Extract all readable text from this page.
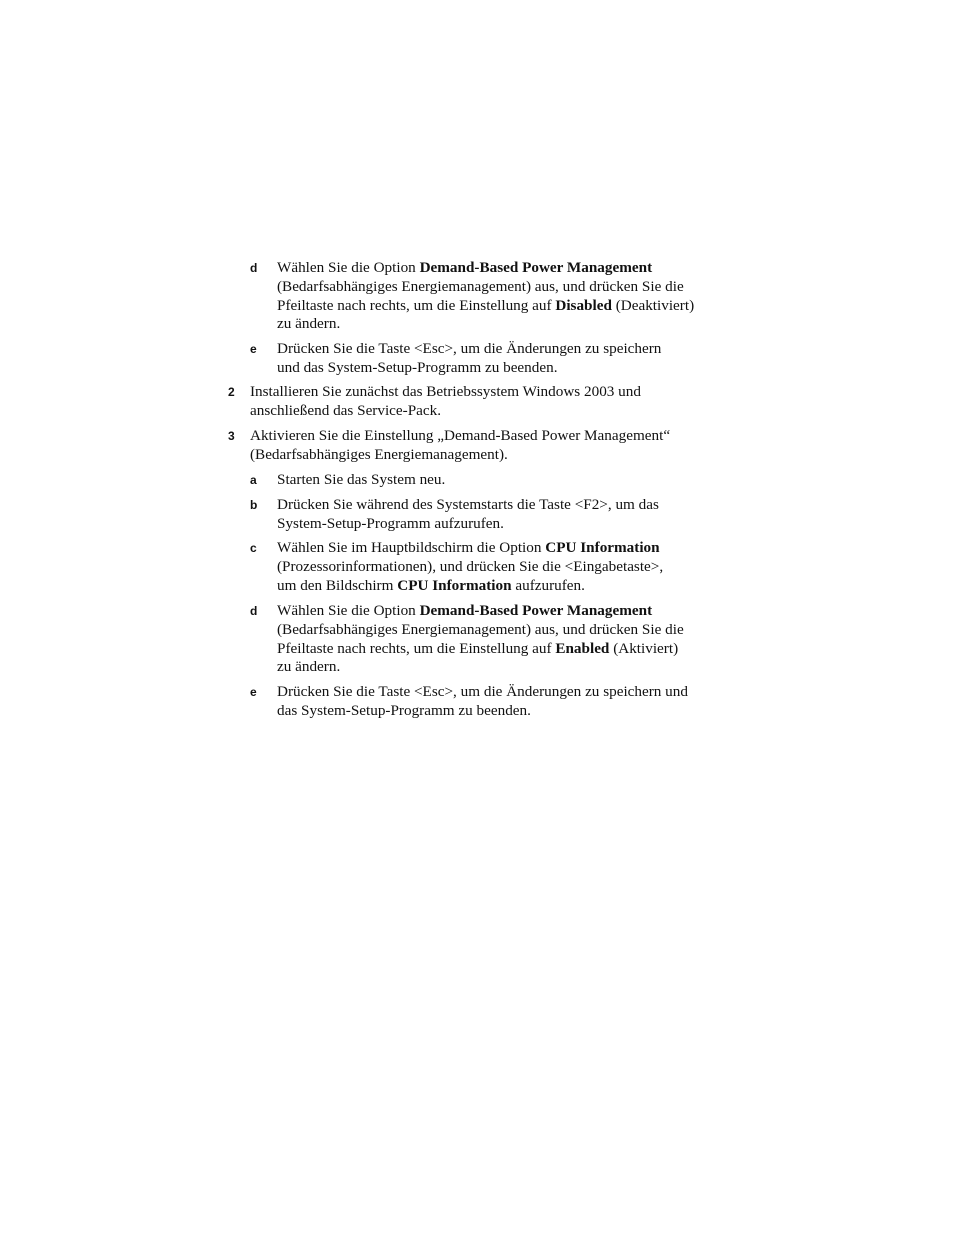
d Wählen Sie die Option Demand-Based Power Management
(Bedarfsabhängiges Energiemanagement) aus, und drücken Sie die
Pfeiltaste nach rechts, um die Einstellung auf Disabled (Deaktiviert)
zu ändern.
e Drücken Sie die Taste <Esc>, um die Änderungen zu speichern
und das System-Setup-Programm zu beenden.
2 Installieren Sie zunächst das Betriebssystem Windows 2003 und
anschließend das Service-Pack.
3 Aktivieren Sie die Einstellung „Demand-Based Power Management“
(Bedarfsabhängiges Energiemanagement).
a Starten Sie das System neu.
b Drücken Sie während des Systemstarts die Taste <F2>, um das
System-Setup-Programm aufzurufen.
c Wählen Sie im Hauptbildschirm die Option CPU Information
(Prozessorinformationen), und drücken Sie die <Eingabetaste>,
um den Bildschirm CPU Information aufzurufen.
d Wählen Sie die Option Demand-Based Power Management
(Bedarfsabhängiges Energiemanagement) aus, und drücken Sie die
Pfeiltaste nach rechts, um die Einstellung auf Enabled (Aktiviert)
zu ändern.
e Drücken Sie die Taste <Esc>, um die Änderungen zu speichern und
das System-Setup-Programm zu beenden.
